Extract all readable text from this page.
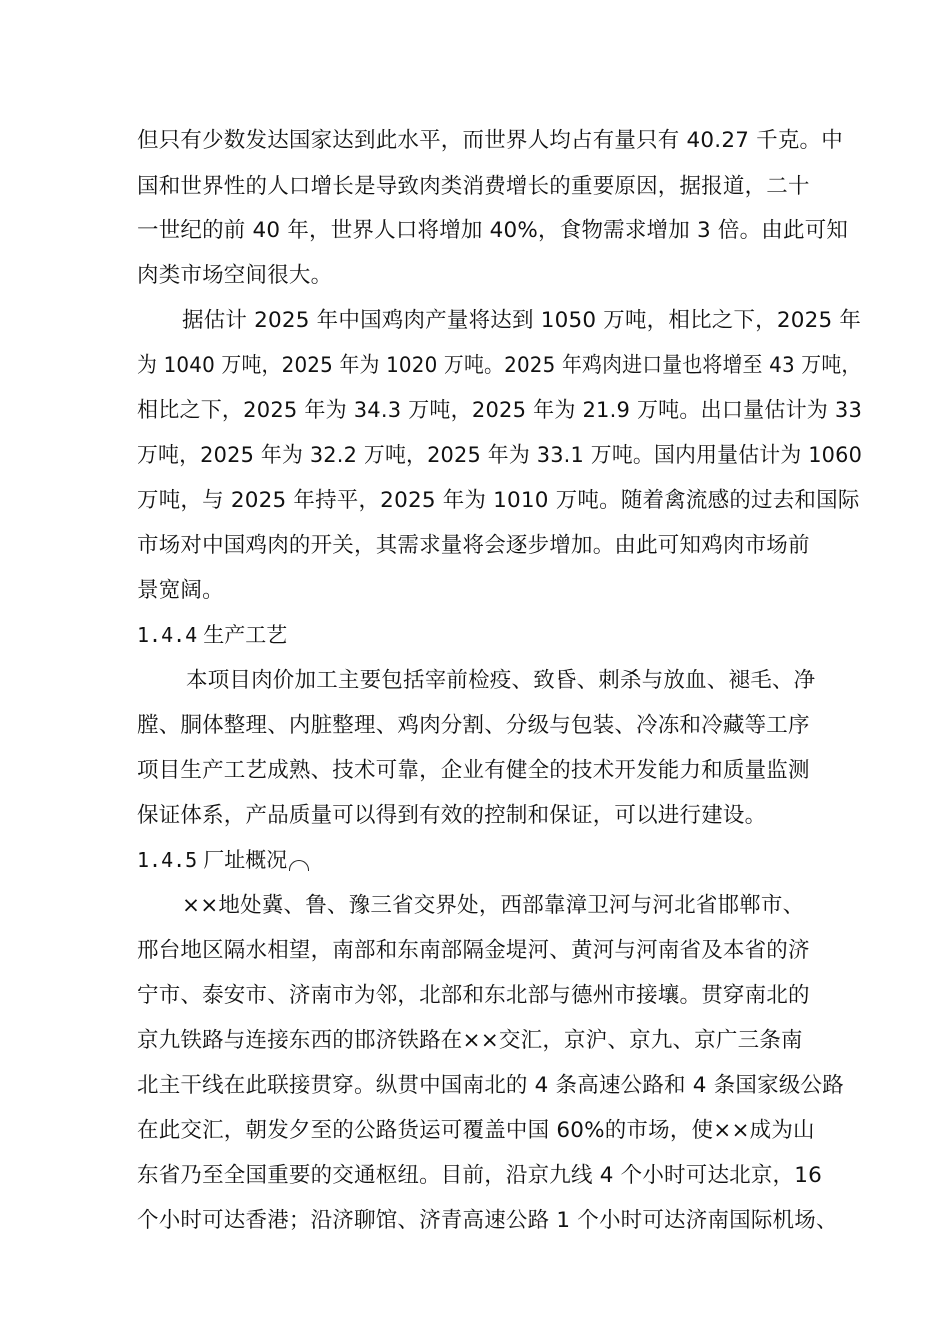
但只有少数发达国家达到此水平，而世界人均占有量只有 40.27 千克。中
国和世界性的人口增长是导致肉类消费增长的重要原因，据报道，二十
一世纪的前 40 年，世界人口将增加 40%，食物需求增加 3 倍。由此可知
肉类市场空间很大。
据估计 2025 年中国鸡肉产量将达到 1050 万吨，相比之下，2025 年
为 1040 万吨，2025 年为 1020 万吨。2025 年鸡肉进口量也将增至 43 万吨，
相比之下，2025 年为 34.3 万吨，2025 年为 21.9 万吨。出口量估计为 33
万吨，2025 年为 32.2 万吨，2025 年为 33.1 万吨。国内用量估计为 1060
万吨，与 2025 年持平，2025 年为 1010 万吨。随着禽流感的过去和国际
市场对中国鸡肉的开关，其需求量将会逐步增加。由此可知鸡肉市场前
景宽阔。
1.4.4 生产工艺
本项目肉价加工主要包括宰前检疫、致昏、刺杀与放血、褪毛、净
膛、胴体整理、内脏整理、鸡肉分割、分级与包装、冷冻和冷藏等工序
项目生产工艺成熟、技术可靠，企业有健全的技术开发能力和质量监测
保证体系，产品质量可以得到有效的控制和保证，可以进行建设。
1.4.5 厂址概况
××地处冀、鲁、豫三省交界处，西部靠漳卫河与河北省邯郸市、
邢台地区隔水相望，南部和东南部隔金堤河、黄河与河南省及本省的济
宁市、泰安市、济南市为邻，北部和东北部与德州市接壤。贯穿南北的
京九铁路与连接东西的邯济铁路在××交汇，京沪、京九、京广三条南
北主干线在此联接贯穿。纵贯中国南北的 4 条高速公路和 4 条国家级公路
在此交汇，朝发夕至的公路货运可覆盖中国 60%的市场，使××成为山
东省乃至全国重要的交通枢纽。目前，沿京九线 4 个小时可达北京，16
个小时可达香港；沿济聊馆、济青高速公路 1 个小时可达济南国际机场、
